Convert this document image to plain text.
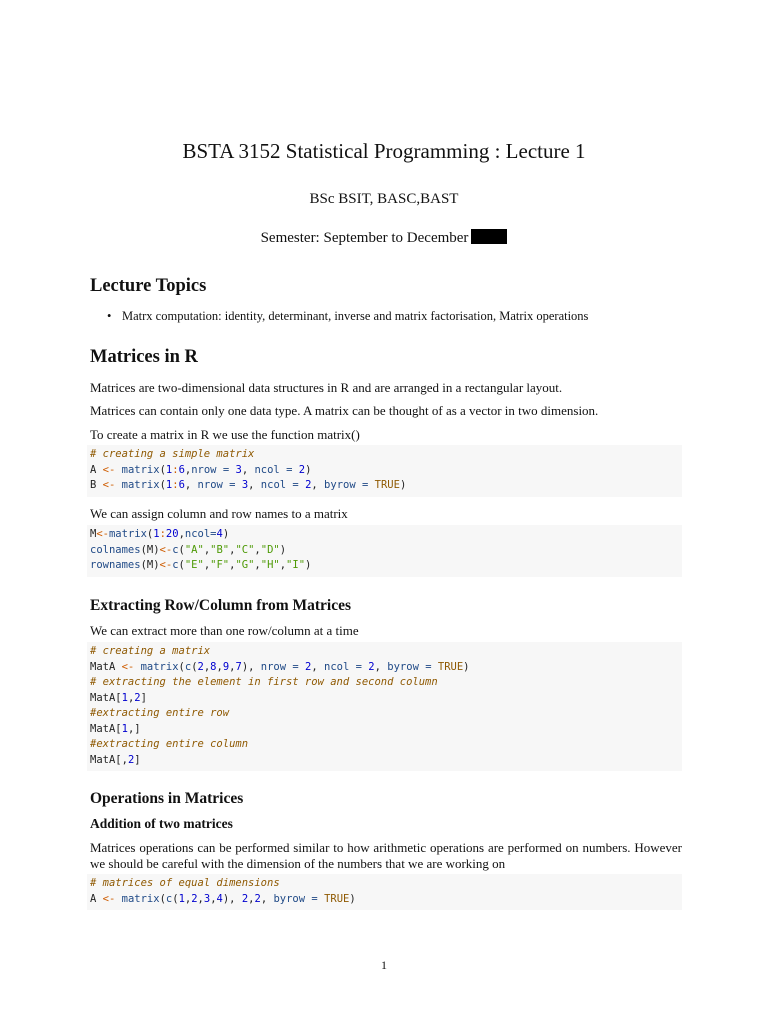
BSTA 3152 Statistical Programming : Lecture 1
BSc BSIT, BASC,BAST
Semester: September to December
Lecture Topics
• Matrx computation: identity, determinant, inverse and matrix factorisation, Matrix operations
Matrices in R

Matrices are two-dimensional data structures in R and are arranged in a rectangular layout.

Matrices can contain only one data type. A matrix can be thought of as a vector in two dimension.

To create a matrix in R we use the function matrix()

# creating a simple matrix
A <- matrix(1:6,nrow = 3, ncol = 2)
B <- matrix(1:6, nrow = 3, ncol = 2, byrow = TRUE)

We can assign column and row names to a matrix

M<-matrix(1:20,ncol=4)
colnames(M)<-c("A","B","C","D")
rownames(M)<-c("E","F","G","H","I")
Extracting Row/Column from Matrices

We can extract more than one row/column at a time

# creating a matrix
MatA <- matrix(c(2,8,9,7), nrow = 2, ncol = 2, byrow = TRUE)
# extracting the element in first row and second column
MatA[1,2]
#extracting entire row
MatA[1,]
#extracting entire column
MatA[,2]
Operations in Matrices
Addition of two matrices

Matrices operations can be performed similar to how arithmetic operations are performed on numbers. However we should be careful with the dimension of the numbers that we are working on

# matrices of equal dimensions
A <- matrix(c(1,2,3,4), 2,2, byrow = TRUE)
1
